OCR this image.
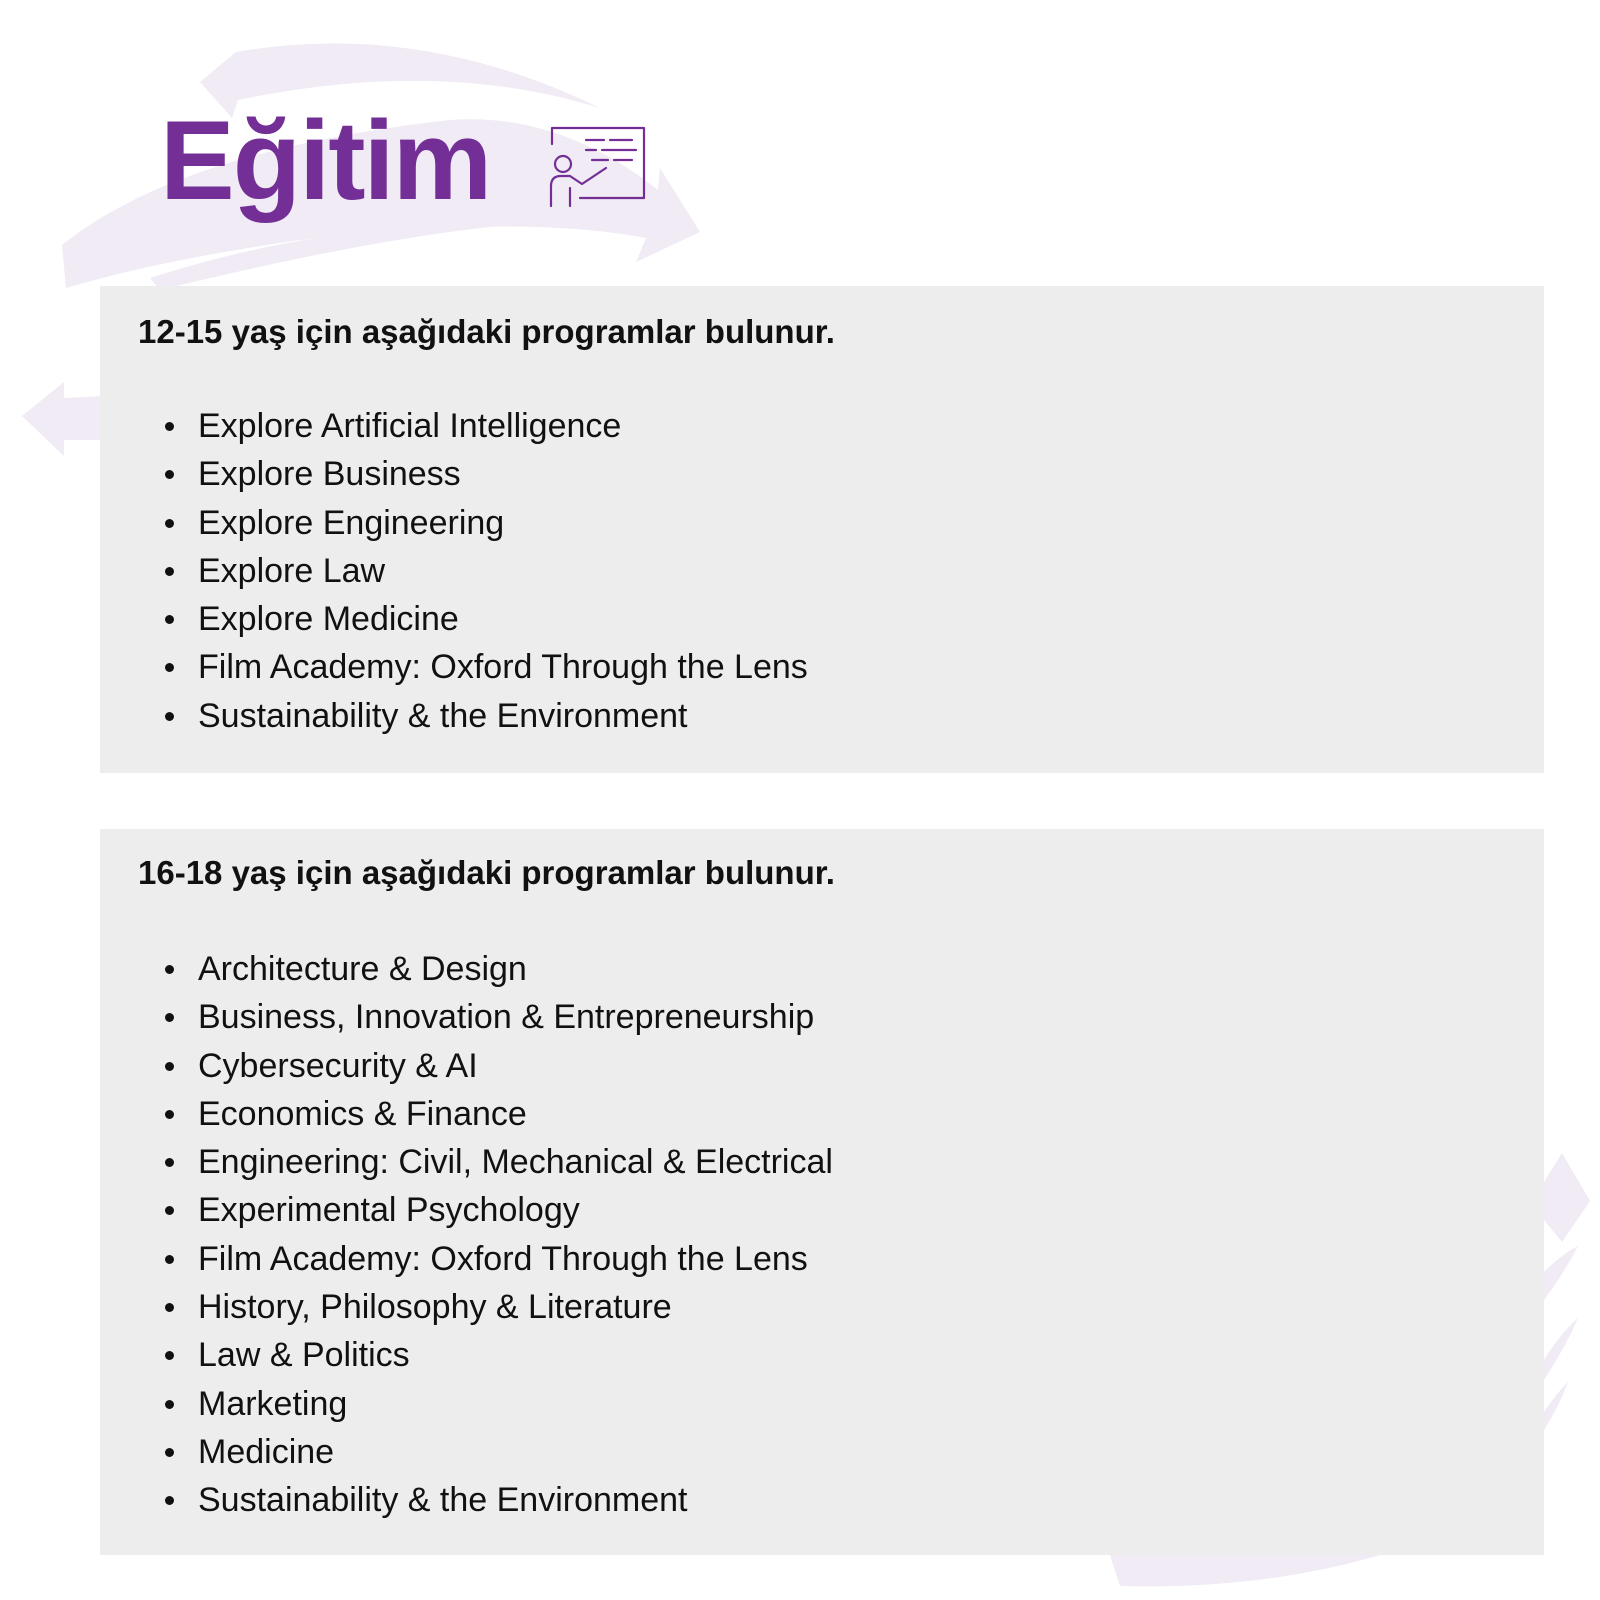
Eğitim

12-15 yaş için aşağıdaki programlar bulunur.

Explore Artificial Intelligence
Explore Business
Explore Engineering
Explore Law
Explore Medicine
Film Academy: Oxford Through the Lens
Sustainability & the Environment

16-18 yaş için aşağıdaki programlar bulunur.

Architecture & Design
Business, Innovation & Entrepreneurship
Cybersecurity & AI
Economics & Finance
Engineering: Civil, Mechanical & Electrical
Experimental Psychology
Film Academy: Oxford Through the Lens
History, Philosophy & Literature
Law & Politics
Marketing
Medicine
Sustainability & the Environment
